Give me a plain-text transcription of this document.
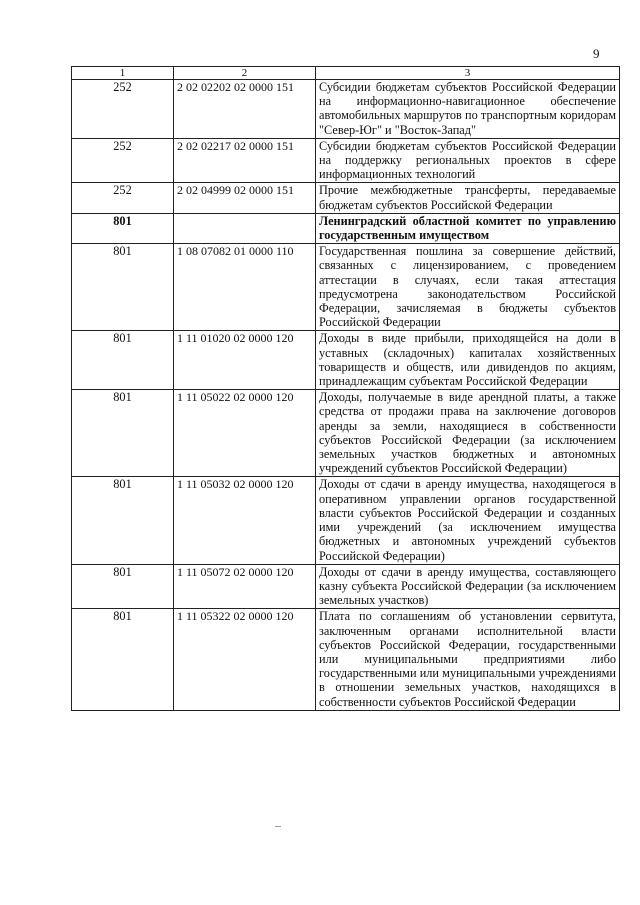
9
1	2	3
252	2 02 02202 02 0000 151	Субсидии бюджетам субъектов Российской Федерации на информационно-навигационное обеспечение автомобильных маршрутов по транспортным коридорам "Север-Юг" и "Восток-Запад"
252	2 02 02217 02 0000 151	Субсидии бюджетам субъектов Российской Федерации на поддержку региональных проектов в сфере информационных технологий
252	2 02 04999 02 0000 151	Прочие межбюджетные трансферты, передаваемые бюджетам субъектов Российской Федерации
801		Ленинградский областной комитет по управлению государственным имуществом
801	1 08 07082 01 0000 110	Государственная пошлина за совершение действий, связанных с лицензированием, с проведением аттестации в случаях, если такая аттестация предусмотрена законодательством Российской Федерации, зачисляемая в бюджеты субъектов Российской Федерации
801	1 11 01020 02 0000 120	Доходы в виде прибыли, приходящейся на доли в уставных (складочных) капиталах хозяйственных товариществ и обществ, или дивидендов по акциям, принадлежащим субъектам Российской Федерации
801	1 11 05022 02 0000 120	Доходы, получаемые в виде арендной платы, а также средства от продажи права на заключение договоров аренды за земли, находящиеся в собственности субъектов Российской Федерации (за исключением земельных участков бюджетных и автономных учреждений субъектов Российской Федерации)
801	1 11 05032 02 0000 120	Доходы от сдачи в аренду имущества, находящегося в оперативном управлении органов государственной власти субъектов Российской Федерации и созданных ими учреждений (за исключением имущества бюджетных и автономных учреждений субъектов Российской Федерации)
801	1 11 05072 02 0000 120	Доходы от сдачи в аренду имущества, составляющего казну субъекта Российской Федерации (за исключением земельных участков)
801	1 11 05322 02 0000 120	Плата по соглашениям об установлении сервитута, заключенным органами исполнительной власти субъектов Российской Федерации, государственными или муниципальными предприятиями либо государственными или муниципальными учреждениями в отношении земельных участков, находящихся в собственности субъектов Российской Федерации
